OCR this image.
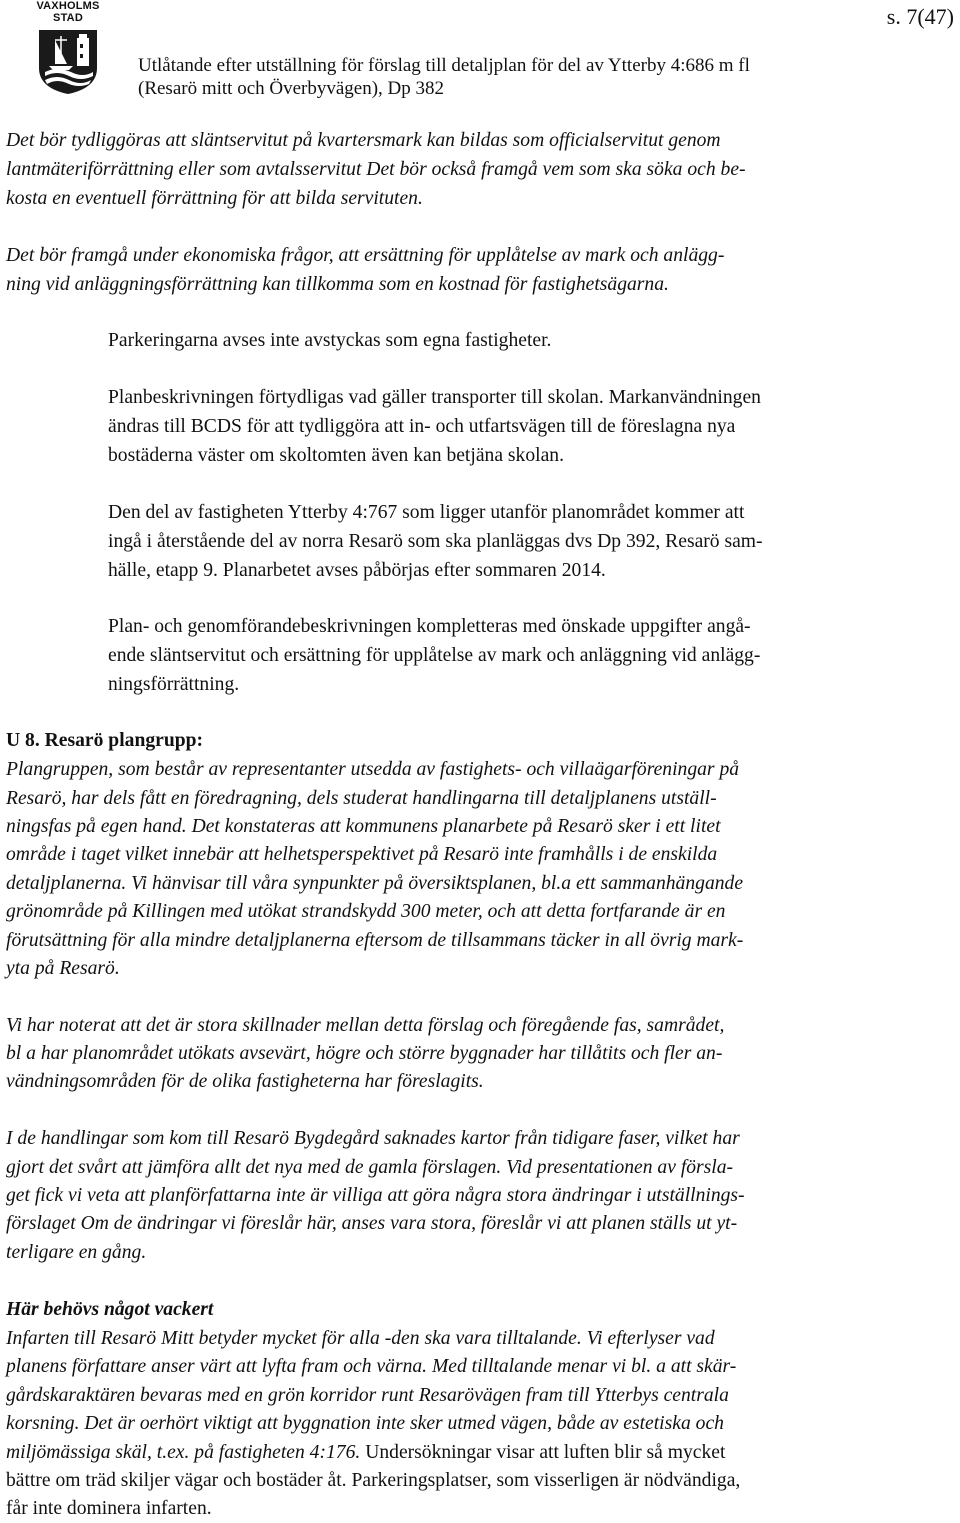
VAXHOLMS
STAD	s. 7(47)
Utlåtande efter utställning för förslag till detaljplan för del av Ytterby 4:686 m fl
(Resarö mitt och Överbyvägen), Dp 382

Det bör tydliggöras att släntservitut på kvartersmark kan bildas som officialservitut genom

lantmäteriförrättning eller som avtalsservitut Det bör också framgå vem som ska söka och be-

kosta en eventuell förrättning för att bilda servituten.

Det bör framgå under ekonomiska frågor, att ersättning för upplåtelse av mark och anlägg-

ning vid anläggningsförrättning kan tillkomma som en kostnad för fastighetsägarna.

Parkeringarna avses inte avstyckas som egna fastigheter.

Planbeskrivningen förtydligas vad gäller transporter till skolan. Markanvändningen

ändras till BCDS för att tydliggöra att in- och utfartsvägen till de föreslagna nya

bostäderna väster om skoltomten även kan betjäna skolan.

Den del av fastigheten Ytterby 4:767 som ligger utanför planområdet kommer att

ingå i återstående del av norra Resarö som ska planläggas dvs Dp 392, Resarö sam-

hälle, etapp 9. Planarbetet avses påbörjas efter sommaren 2014.

Plan- och genomförandebeskrivningen kompletteras med önskade uppgifter angå-

ende släntservitut och ersättning för upplåtelse av mark och anläggning vid anlägg-

ningsförrättning.

U 8. Resarö plangrupp:

Plangruppen, som består av representanter utsedda av fastighets- och villaägarföreningar på

Resarö, har dels fått en föredragning, dels studerat handlingarna till detaljplanens utställ-

ningsfas på egen hand. Det konstateras att kommunens planarbete på Resarö sker i ett litet

område i taget vilket innebär att helhetsperspektivet på Resarö inte framhålls i de enskilda

detaljplanerna. Vi hänvisar till våra synpunkter på översiktsplanen, bl.a ett sammanhängande

grönområde på Killingen med utökat strandskydd 300 meter, och att detta fortfarande är en

förutsättning för alla mindre detaljplanerna eftersom de tillsammans täcker in all övrig mark-

yta på Resarö.

Vi har noterat att det är stora skillnader mellan detta förslag och föregående fas, samrådet,

bl a har planområdet utökats avsevärt, högre och större byggnader har tillåtits och fler an-

vändningsområden för de olika fastigheterna har föreslagits.

I de handlingar som kom till Resarö Bygdegård saknades kartor från tidigare faser, vilket har

gjort det svårt att jämföra allt det nya med de gamla förslagen. Vid presentationen av försla-

get fick vi veta att planförfattarna inte är villiga att göra några stora ändringar i utställnings-

förslaget Om de ändringar vi föreslår här, anses vara stora, föreslår vi att planen ställs ut yt-

terligare en gång.

Här behövs något vackert

Infarten till Resarö Mitt betyder mycket för alla -den ska vara tilltalande. Vi efterlyser vad

planens författare anser värt att lyfta fram och värna. Med tilltalande menar vi bl. a att skär-

gårdskaraktären bevaras med en grön korridor runt Resarövägen fram till Ytterbys centrala

korsning. Det är oerhört viktigt att byggnation inte sker utmed vägen, både av estetiska och

miljömässiga skäl, t.ex. på fastigheten 4:176. Undersökningar visar att luften blir så mycket

bättre om träd skiljer vägar och bostäder åt. Parkeringsplatser, som visserligen är nödvändiga,

får inte dominera infarten.
